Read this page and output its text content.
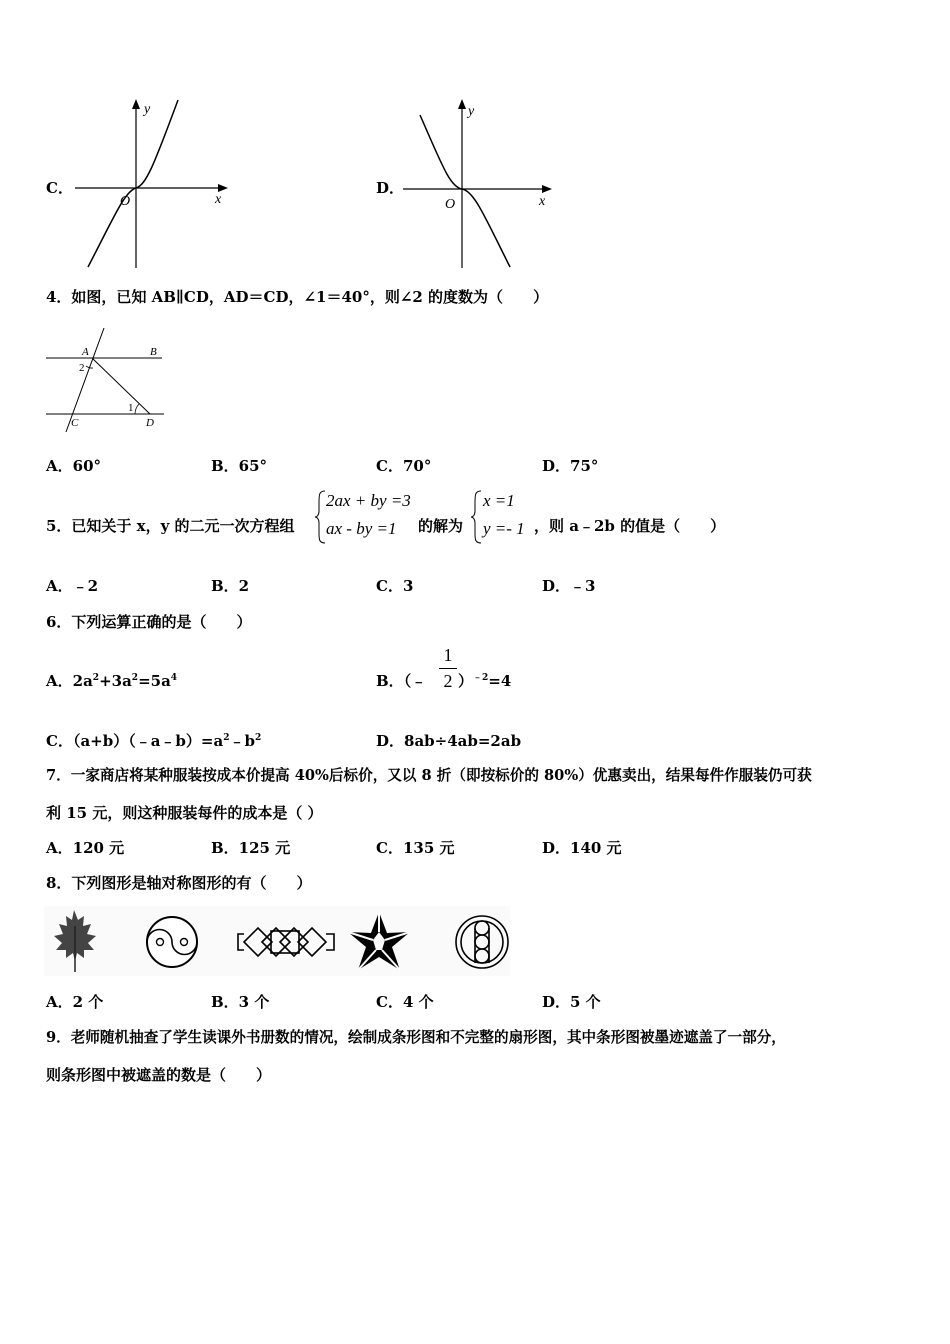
C．
y
x
O
D．
y
x
O
4．如图，已知 AB∥CD，AD＝CD，∠1＝40°，则∠2 的度数为（　　）
A	B
C	D
1
2
A．60°	B．65°	C．70°	D．75°
5．已知关于 x，y 的二元一次方程组
2ax + by =3
ax - by =1 的解为
x =1
y =- 1 ，则 a﹣2b 的值是（　　）
A．﹣2	B．2	C．3	D．﹣3
6．下列运算正确的是（　　）
A．$2a^2+3a^2=5a^4$	B．（﹣
1
2 ）$^{﹣2}$=4
C．$(a+b)(﹣a﹣b)=a^2﹣b^2$	D．8ab÷4ab=2ab
7．一家商店将某种服装按成本价提高 40%后标价，又以 8 折（即按标价的 80%）优惠卖出，结果每件作服装仍可获
利 15 元，则这种服装每件的成本是（ ）
A．120 元	B．125 元	C．135 元	D．140 元
8．下列图形是轴对称图形的有（　　）
A．2 个	B．3 个	C．4 个	D．5 个
9．老师随机抽查了学生读课外书册数的情况，绘制成条形图和不完整的扇形图，其中条形图被墨迹遮盖了一部分，
则条形图中被遮盖的数是（　　）
